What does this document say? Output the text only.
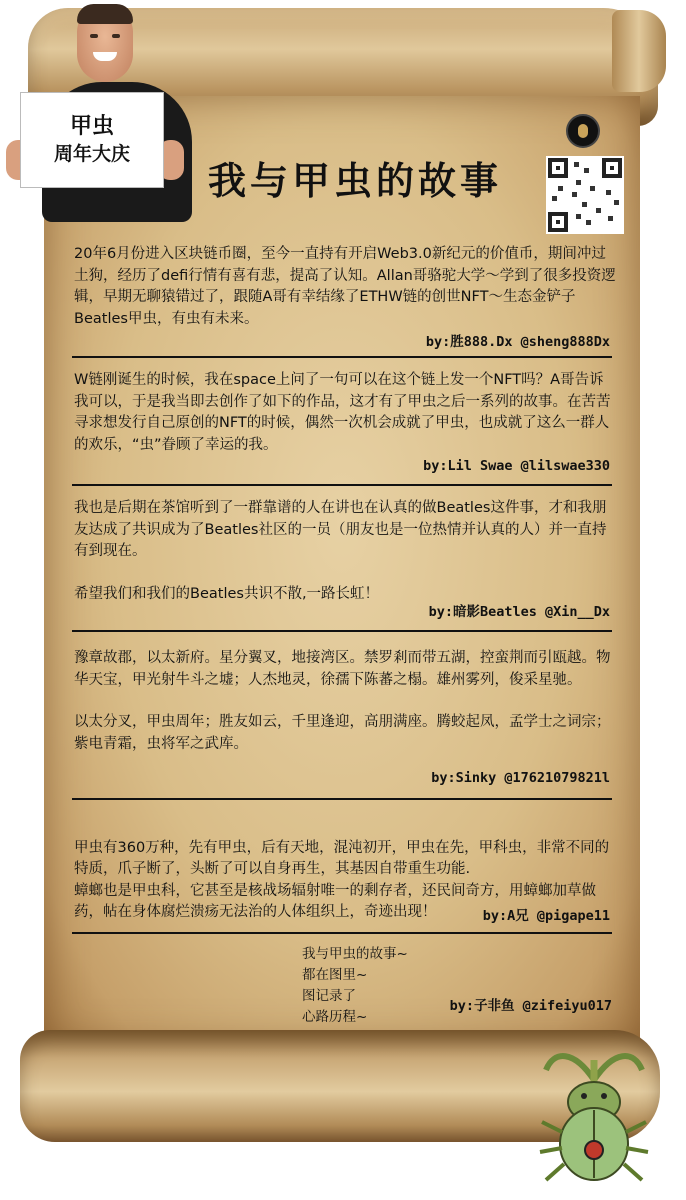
甲虫
周年大庆
我与甲虫的故事

20年6月份进入区块链币圈，至今一直持有开启Web3.0新纪元的价值币，期间冲过土狗，经历了defi行情有喜有悲，提高了认知。Allan哥骆驼大学～学到了很多投资逻辑，早期无聊猿错过了，跟随A哥有幸结缘了ETHW链的创世NFT～生态金铲子Beatles甲虫，有虫有未来。

by:胜888.Dx @sheng888Dx

W链刚诞生的时候，我在space上问了一句可以在这个链上发一个NFT吗？A哥告诉我可以，于是我当即去创作了如下的作品，这才有了甲虫之后一系列的故事。在苦苦寻求想发行自己原创的NFT的时候，偶然一次机会成就了甲虫，也成就了这么一群人的欢乐，“虫”眷顾了幸运的我。

by:Lil Swae @lilswae330

我也是后期在茶馆听到了一群靠谱的人在讲也在认真的做Beatles这件事，才和我朋友达成了共识成为了Beatles社区的一员（朋友也是一位热情并认真的人）并一直持有到现在。

希望我们和我们的Beatles共识不散,一路长虹！

by:暗影Beatles @Xin__Dx

豫章故郡，以太新府。星分翼叉，地接湾区。禁罗剎而带五湖，控蛮荆而引瓯越。物华天宝，甲光射牛斗之墟；人杰地灵，徐孺下陈蕃之榻。雄州雾列，俊采星驰。

以太分叉，甲虫周年；胜友如云，千里逢迎，高朋满座。腾蛟起凤，孟学士之词宗；紫电青霜，虫将军之武库。

by:Sinky @17621079821l

甲虫有360万种，先有甲虫，后有天地，混沌初开，甲虫在先，甲科虫，非常不同的特质，爪子断了，头断了可以自身再生，其基因自带重生功能.
蟑螂也是甲虫科，它甚至是核战场辐射唯一的剩存者，还民间奇方，用蟑螂加草做药，帖在身体腐烂溃疡无法治的人体组织上，奇迹出现！	by:A兄 @pigape11
我与甲虫的故事~
都在图里~
图记录了
心路历程~
by:子非鱼 @zifeiyu017
